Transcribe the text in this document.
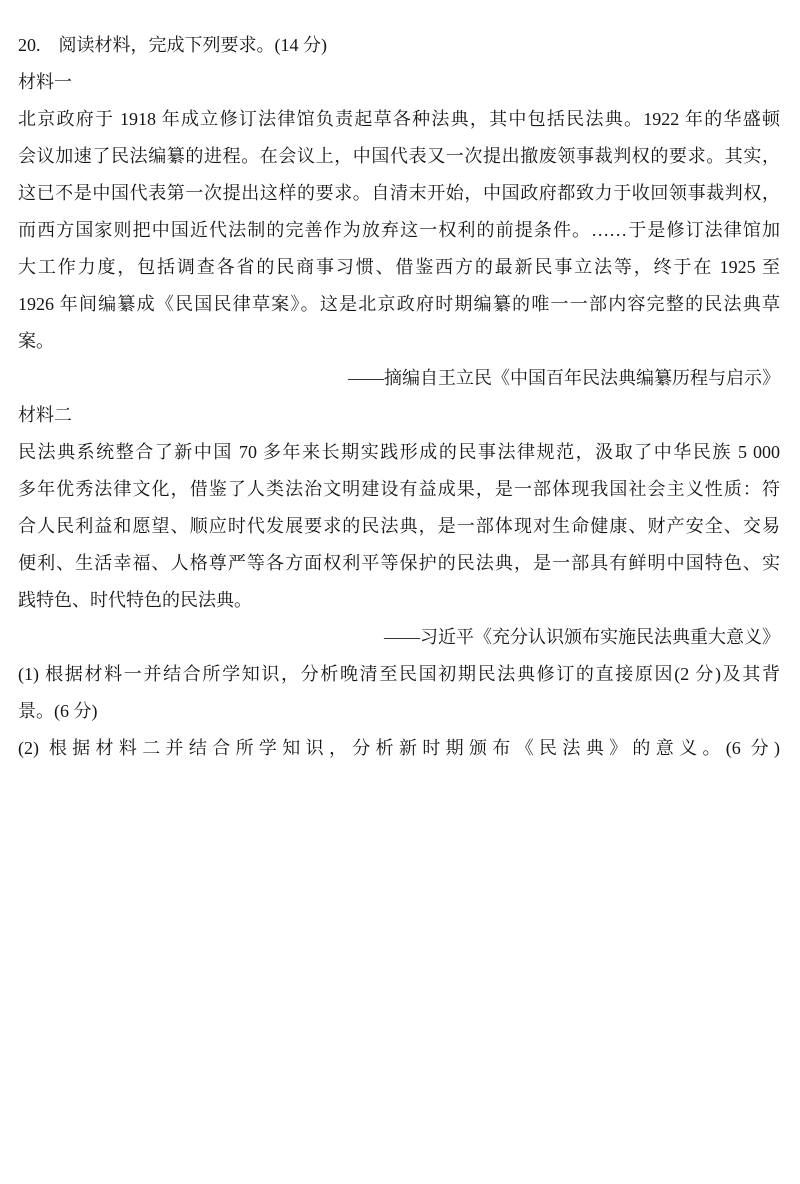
20.　阅读材料，完成下列要求。(14 分)
材料一
北京政府于 1918 年成立修订法律馆负责起草各种法典，其中包括民法典。1922 年的华盛顿
会议加速了民法编纂的进程。在会议上，中国代表又一次提出撤废领事裁判权的要求。其实，
这已不是中国代表第一次提出这样的要求。自清末开始，中国政府都致力于收回领事裁判权，
而西方国家则把中国近代法制的完善作为放弃这一权利的前提条件。……于是修订法律馆加
大工作力度，包括调查各省的民商事习惯、借鉴西方的最新民事立法等，终于在 1925 至
1926 年间编纂成《民国民律草案》。这是北京政府时期编纂的唯一一部内容完整的民法典草
案。
——摘编自王立民《中国百年民法典编纂历程与启示》
材料二
民法典系统整合了新中国 70 多年来长期实践形成的民事法律规范，汲取了中华民族 5 000
多年优秀法律文化，借鉴了人类法治文明建设有益成果，是一部体现我国社会主义性质：符
合人民利益和愿望、顺应时代发展要求的民法典，是一部体现对生命健康、财产安全、交易
便利、生活幸福、人格尊严等各方面权利平等保护的民法典，是一部具有鲜明中国特色、实
践特色、时代特色的民法典。
——习近平《充分认识颁布实施民法典重大意义》
(1) 根据材料一并结合所学知识，分析晚清至民国初期民法典修订的直接原因(2 分)及其背
景。(6 分)
(2) 根据材料二并结合所学知识，分析新时期颁布《民法典》的意义。(6 分)
